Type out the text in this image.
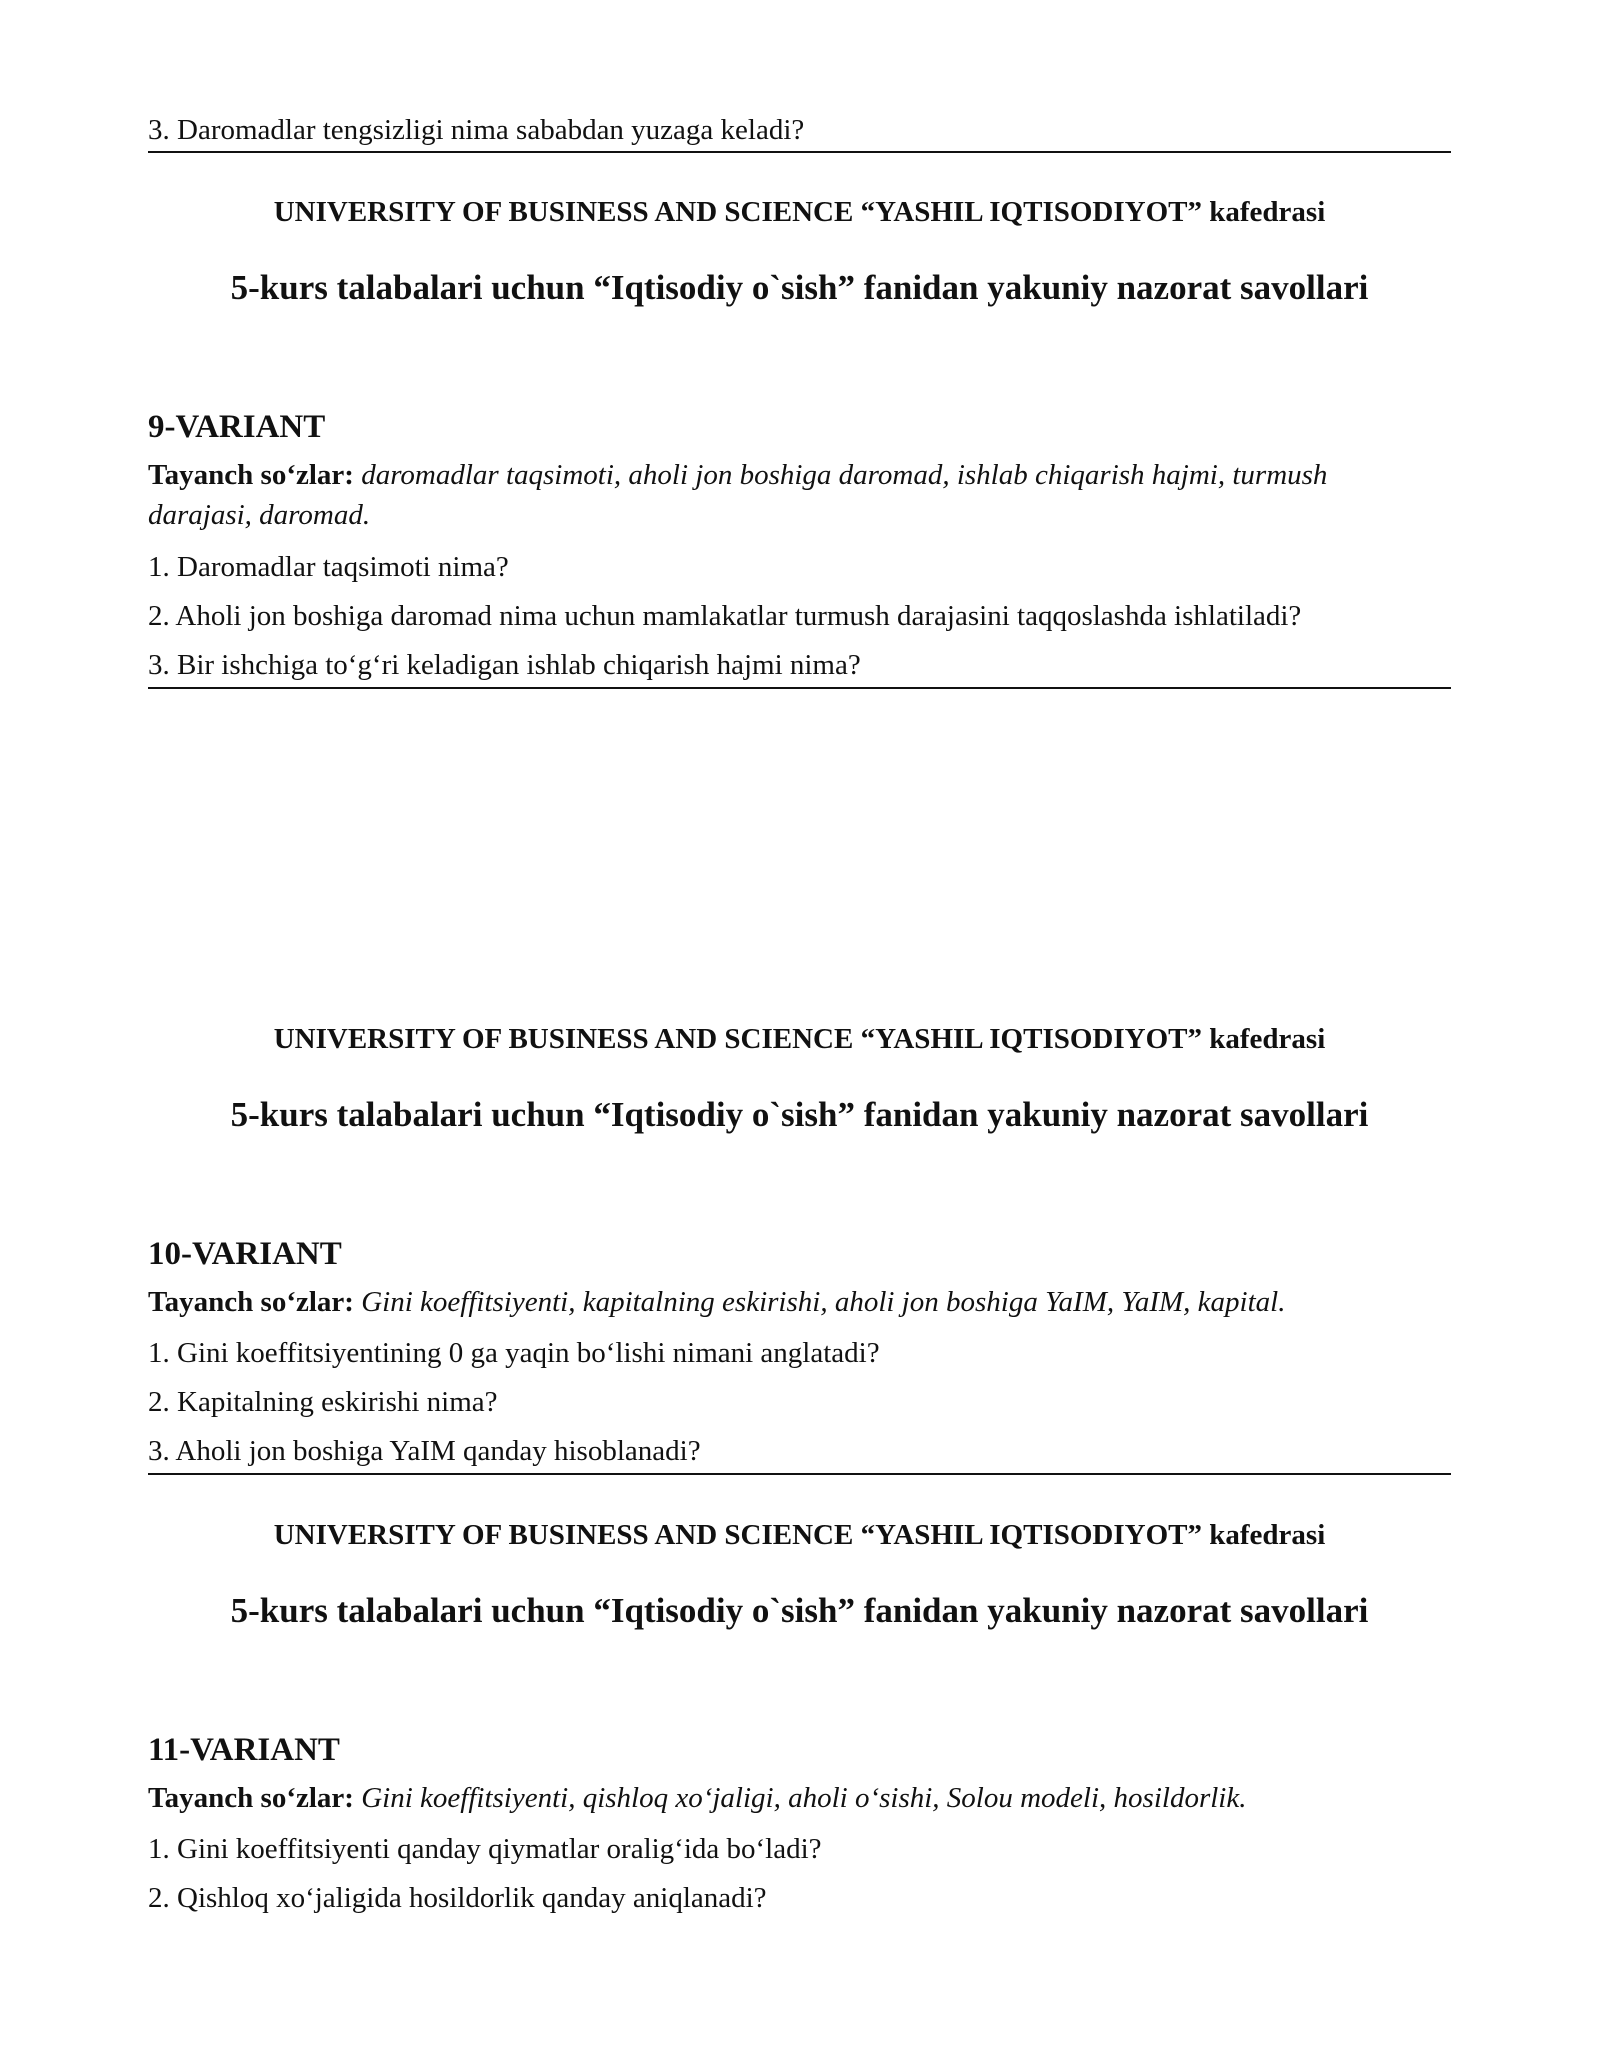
3. Daromadlar tengsizligi nima sababdan yuzaga keladi?
UNIVERSITY OF BUSINESS AND SCIENCE “YASHIL IQTISODIYOT” kafedrasi
5-kurs talabalari uchun “Iqtisodiy o`sish” fanidan yakuniy nazorat savollari
9-VARIANT
Tayanch so‘zlar: daromadlar taqsimoti, aholi jon boshiga daromad, ishlab chiqarish hajmi, turmush
darajasi, daromad.
1. Daromadlar taqsimoti nima?
2. Aholi jon boshiga daromad nima uchun mamlakatlar turmush darajasini taqqoslashda ishlatiladi?
3. Bir ishchiga to‘g‘ri keladigan ishlab chiqarish hajmi nima?
UNIVERSITY OF BUSINESS AND SCIENCE “YASHIL IQTISODIYOT” kafedrasi
5-kurs talabalari uchun “Iqtisodiy o`sish” fanidan yakuniy nazorat savollari
10-VARIANT
Tayanch so‘zlar: Gini koeffitsiyenti, kapitalning eskirishi, aholi jon boshiga YaIM, YaIM, kapital.
1. Gini koeffitsiyentining 0 ga yaqin bo‘lishi nimani anglatadi?
2. Kapitalning eskirishi nima?
3. Aholi jon boshiga YaIM qanday hisoblanadi?
UNIVERSITY OF BUSINESS AND SCIENCE “YASHIL IQTISODIYOT” kafedrasi
5-kurs talabalari uchun “Iqtisodiy o`sish” fanidan yakuniy nazorat savollari
11-VARIANT
Tayanch so‘zlar: Gini koeffitsiyenti, qishloq xo‘jaligi, aholi o‘sishi, Solou modeli, hosildorlik.
1. Gini koeffitsiyenti qanday qiymatlar oralig‘ida bo‘ladi?
2. Qishloq xo‘jaligida hosildorlik qanday aniqlanadi?
